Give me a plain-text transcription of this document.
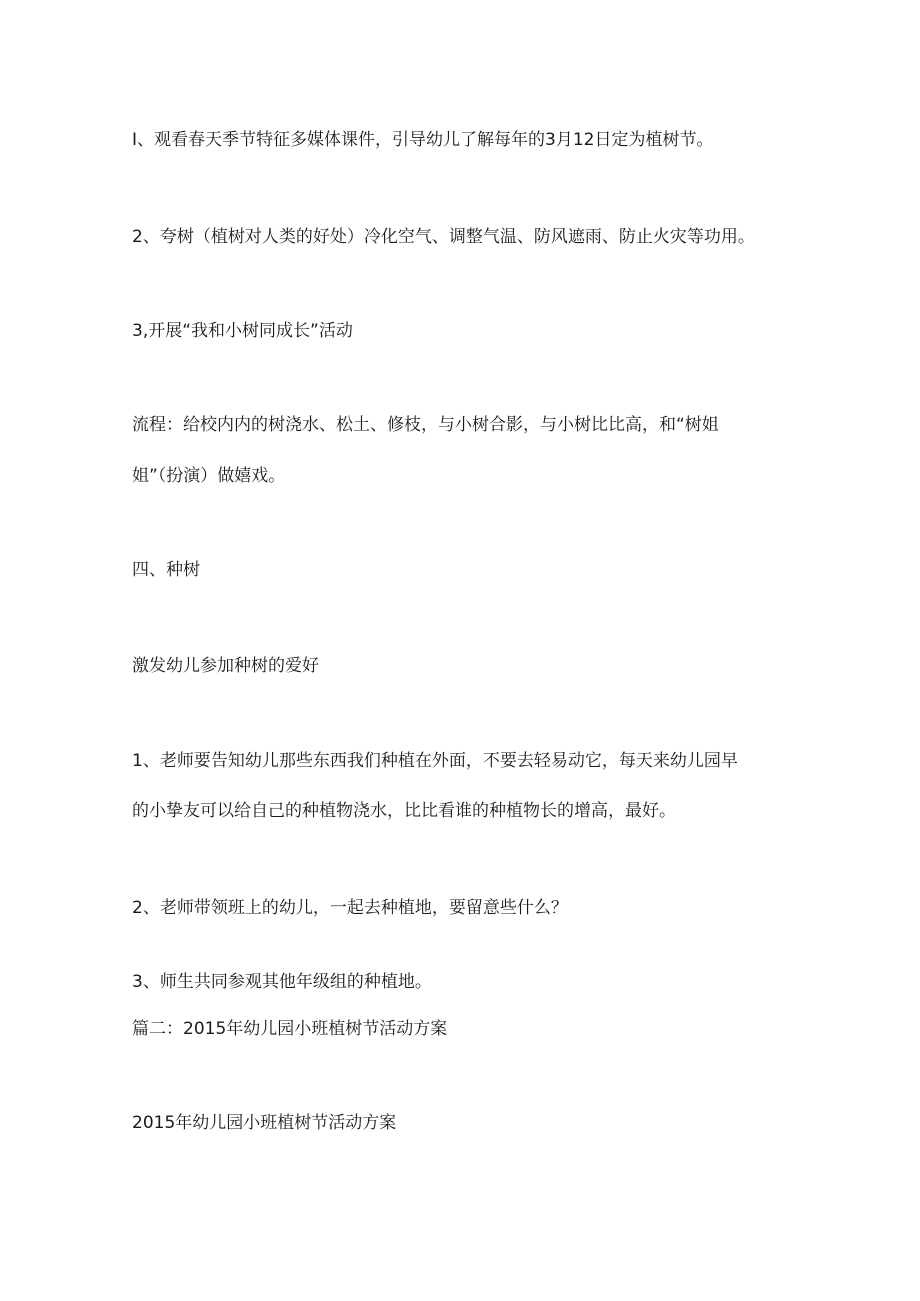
I、观看春天季节特征多媒体课件，引导幼儿了解每年的3月12日定为植树节。
2、夸树（植树对人类的好处）冷化空气、调整气温、防风遮雨、防止火灾等功用。
3,开展“我和小树同成长”活动
流程：给校内内的树浇水、松土、修枝，与小树合影，与小树比比高，和“树姐
姐”（扮演）做嬉戏。
四、种树
激发幼儿参加种树的爱好
1、老师要告知幼儿那些东西我们种植在外面，不要去轻易动它，每天来幼儿园早
的小挚友可以给自己的种植物浇水，比比看谁的种植物长的增高，最好。
2、老师带领班上的幼儿，一起去种植地，要留意些什么？
3、师生共同参观其他年级组的种植地。
篇二：2015年幼儿园小班植树节活动方案
2015年幼儿园小班植树节活动方案
